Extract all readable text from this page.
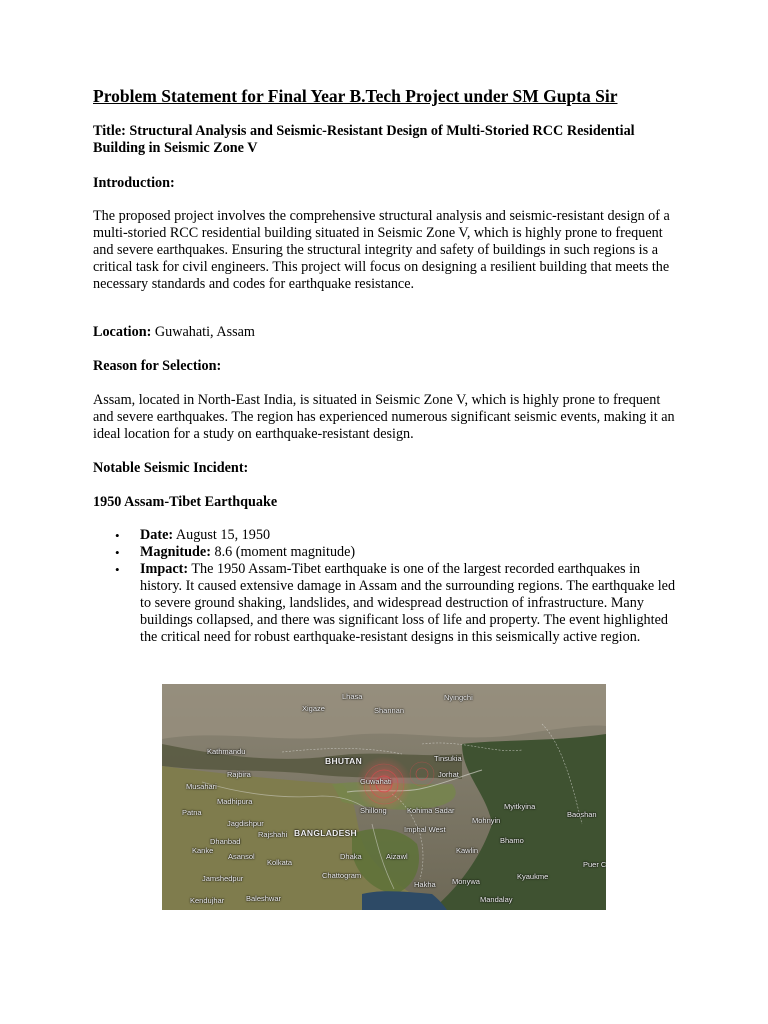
Problem Statement for Final Year B.Tech Project under SM Gupta Sir
Title: Structural Analysis and Seismic-Resistant Design of Multi-Storied RCC Residential Building in Seismic Zone V
Introduction:
The proposed project involves the comprehensive structural analysis and seismic-resistant design of a multi-storied RCC residential building situated in Seismic Zone V, which is highly prone to frequent and severe earthquakes. Ensuring the structural integrity and safety of buildings in such regions is a critical task for civil engineers. This project will focus on designing a resilient building that meets the necessary standards and codes for earthquake resistance.
Location: Guwahati, Assam
Reason for Selection:
Assam, located in North-East India, is situated in Seismic Zone V, which is highly prone to frequent and severe earthquakes. The region has experienced numerous significant seismic events, making it an ideal location for a study on earthquake-resistant design.
Notable Seismic Incident:
1950 Assam-Tibet Earthquake
• Date: August 15, 1950
• Magnitude: 8.6 (moment magnitude)
• Impact: The 1950 Assam-Tibet earthquake is one of the largest recorded earthquakes in history. It caused extensive damage in Assam and the surrounding regions. The earthquake led to severe ground shaking, landslides, and widespread destruction of infrastructure. Many buildings collapsed, and there was significant loss of life and property. The event highlighted the critical need for robust earthquake-resistant designs in this seismically active region.
Lhasa	Nyingchi
Xigaze	Shannan
Kathmandu
BHUTAN	Tinsukia
Guwahati
Jorhat
Rajbira
Musahari
Madhipura
Patna
Jagdishpur
Shillong	Kohima Sadar
Imphal West
BANGLADESH
Dhanbad
Rajshahi
Kanke
Asansol
Kolkata
Dhaka	Aizawl
Kawlin
Jamshedpur	Chattogram
Hakha Monywa
Kyaukme
Kendujhar	Baleshwar
Myitkyina
Mohnyin
Bhamo
Baoshan
Mandalay
Puer C
